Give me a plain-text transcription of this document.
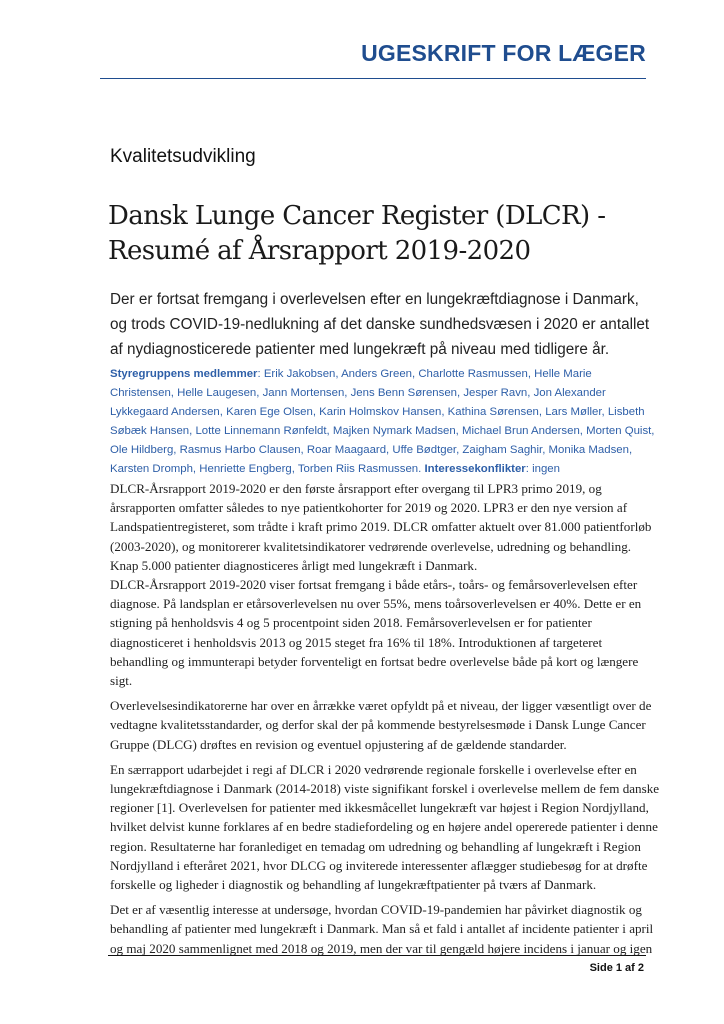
UGESKRIFT FOR LÆGER
Kvalitetsudvikling
Dansk Lunge Cancer Register (DLCR) -
Resumé af Årsrapport 2019-2020

Der er fortsat fremgang i overlevelsen efter en lungekræftdiagnose i Danmark, og trods COVID-19-nedlukning af det danske sundhedsvæsen i 2020 er antallet af nydiagnosticerede patienter med lungekræft på niveau med tidligere år.

Styregruppens medlemmer: Erik Jakobsen, Anders Green, Charlotte Rasmussen, Helle Marie Christensen, Helle Laugesen, Jann Mortensen, Jens Benn Sørensen, Jesper Ravn, Jon Alexander Lykkegaard Andersen, Karen Ege Olsen, Karin Holmskov Hansen, Kathina Sørensen, Lars Møller, Lisbeth Søbæk Hansen, Lotte Linnemann Rønfeldt, Majken Nymark Madsen, Michael Brun Andersen, Morten Quist, Ole Hildberg, Rasmus Harbo Clausen, Roar Maagaard, Uffe Bødtger, Zaigham Saghir, Monika Madsen, Karsten Dromph, Henriette Engberg, Torben Riis Rasmussen. Interessekonflikter: ingen

DLCR-Årsrapport 2019-2020 er den første årsrapport efter overgang til LPR3 primo 2019, og årsrapporten omfatter således to nye patientkohorter for 2019 og 2020. LPR3 er den nye version af Landspatientregisteret, som trådte i kraft primo 2019. DLCR omfatter aktuelt over 81.000 patientforløb (2003-2020), og monitorerer kvalitetsindikatorer vedrørende overlevelse, udredning og behandling. Knap 5.000 patienter diagnosticeres årligt med lungekræft i Danmark.

DLCR-Årsrapport 2019-2020 viser fortsat fremgang i både etårs-, toårs- og femårsoverlevelsen efter diagnose. På landsplan er etårsoverlevelsen nu over 55%, mens toårsoverlevelsen er 40%. Dette er en stigning på henholdsvis 4 og 5 procentpoint siden 2018. Femårsoverlevelsen er for patienter diagnosticeret i henholdsvis 2013 og 2015 steget fra 16% til 18%. Introduktionen af targeteret behandling og immunterapi betyder forventeligt en fortsat bedre overlevelse både på kort og længere sigt.

Overlevelsesindikatorerne har over en årrække været opfyldt på et niveau, der ligger væsentligt over de vedtagne kvalitetsstandarder, og derfor skal der på kommende bestyrelsesmøde i Dansk Lunge Cancer Gruppe (DLCG) drøftes en revision og eventuel opjustering af de gældende standarder.

En særrapport udarbejdet i regi af DLCR i 2020 vedrørende regionale forskelle i overlevelse efter en lungekræftdiagnose i Danmark (2014-2018) viste signifikant forskel i overlevelse mellem de fem danske regioner [1]. Overlevelsen for patienter med ikkesmåcellet lungekræft var højest i Region Nordjylland, hvilket delvist kunne forklares af en bedre stadiefordeling og en højere andel opererede patienter i denne region. Resultaterne har foranlediget en temadag om udredning og behandling af lungekræft i Region Nordjylland i efteråret 2021, hvor DLCG og inviterede interessenter aflægger studiebesøg for at drøfte forskelle og ligheder i diagnostik og behandling af lungekræftpatienter på tværs af Danmark.

Det er af væsentlig interesse at undersøge, hvordan COVID-19-pandemien har påvirket diagnostik og behandling af patienter med lungekræft i Danmark. Man så et fald i antallet af incidente patienter i april og maj 2020 sammenlignet med 2018 og 2019, men der var til gengæld højere incidens i januar og igen

Side 1 af 2
